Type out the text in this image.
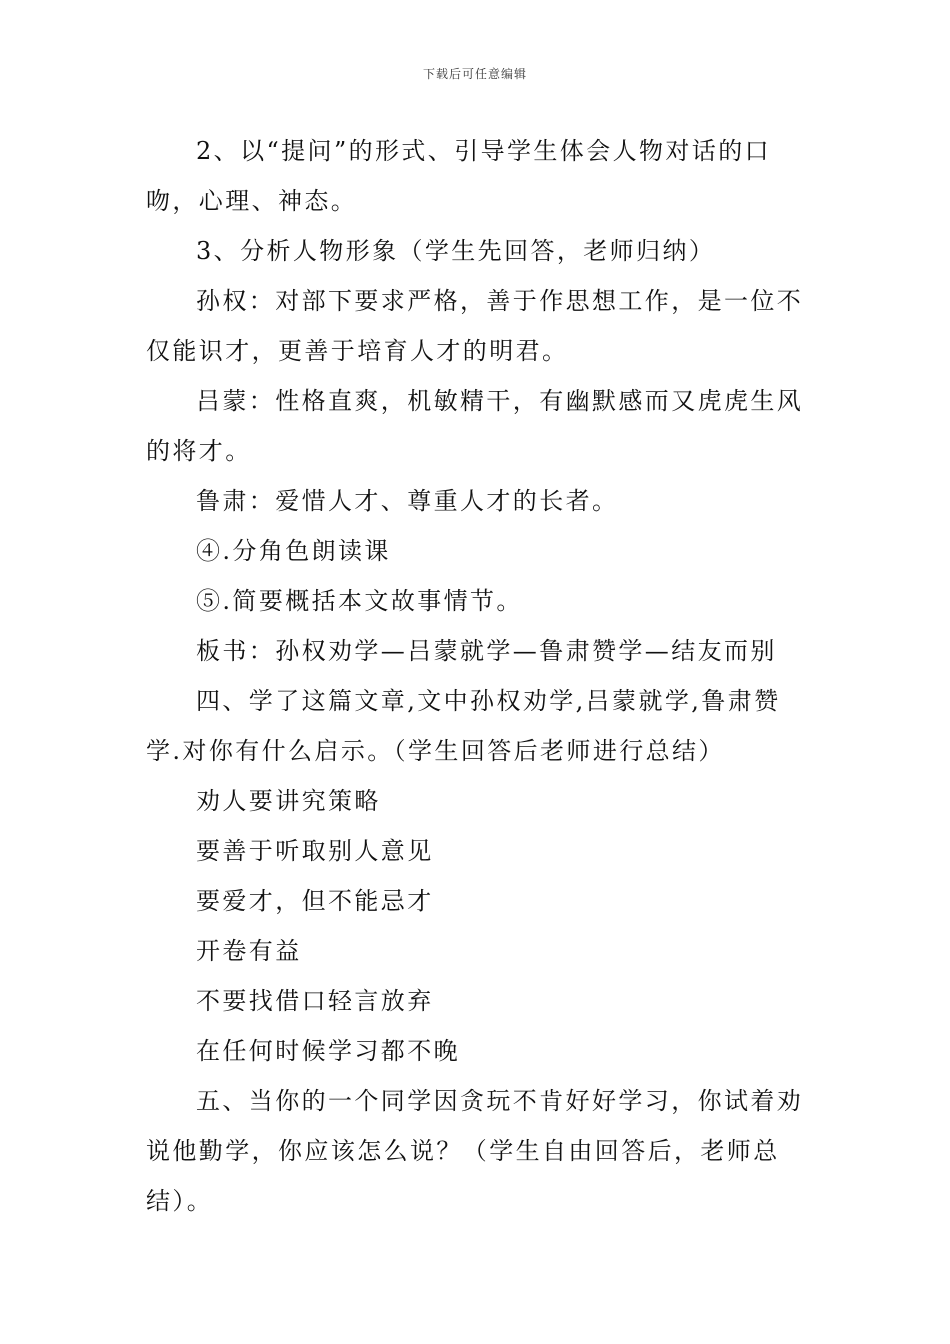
下载后可任意编辑

2、以“提问”的形式、引导学生体会人物对话的口吻，心理、神态。

3、分析人物形象（学生先回答，老师归纳）

孙权：对部下要求严格，善于作思想工作，是一位不仅能识才，更善于培育人才的明君。

吕蒙：性格直爽，机敏精干，有幽默感而又虎虎生风的将才。

鲁肃：爱惜人才、尊重人才的长者。

④.分角色朗读课

⑤.简要概括本文故事情节。

板书：孙权劝学—吕蒙就学—鲁肃赞学—结友而别

四、学了这篇文章,文中孙权劝学,吕蒙就学,鲁肃赞学.对你有什么启示。（学生回答后老师进行总结）

劝人要讲究策略

要善于听取别人意见

要爱才，但不能忌才

开卷有益

不要找借口轻言放弃

在任何时候学习都不晚

五、当你的一个同学因贪玩不肯好好学习，你试着劝说他勤学，你应该怎么说？（学生自由回答后，老师总结）。
